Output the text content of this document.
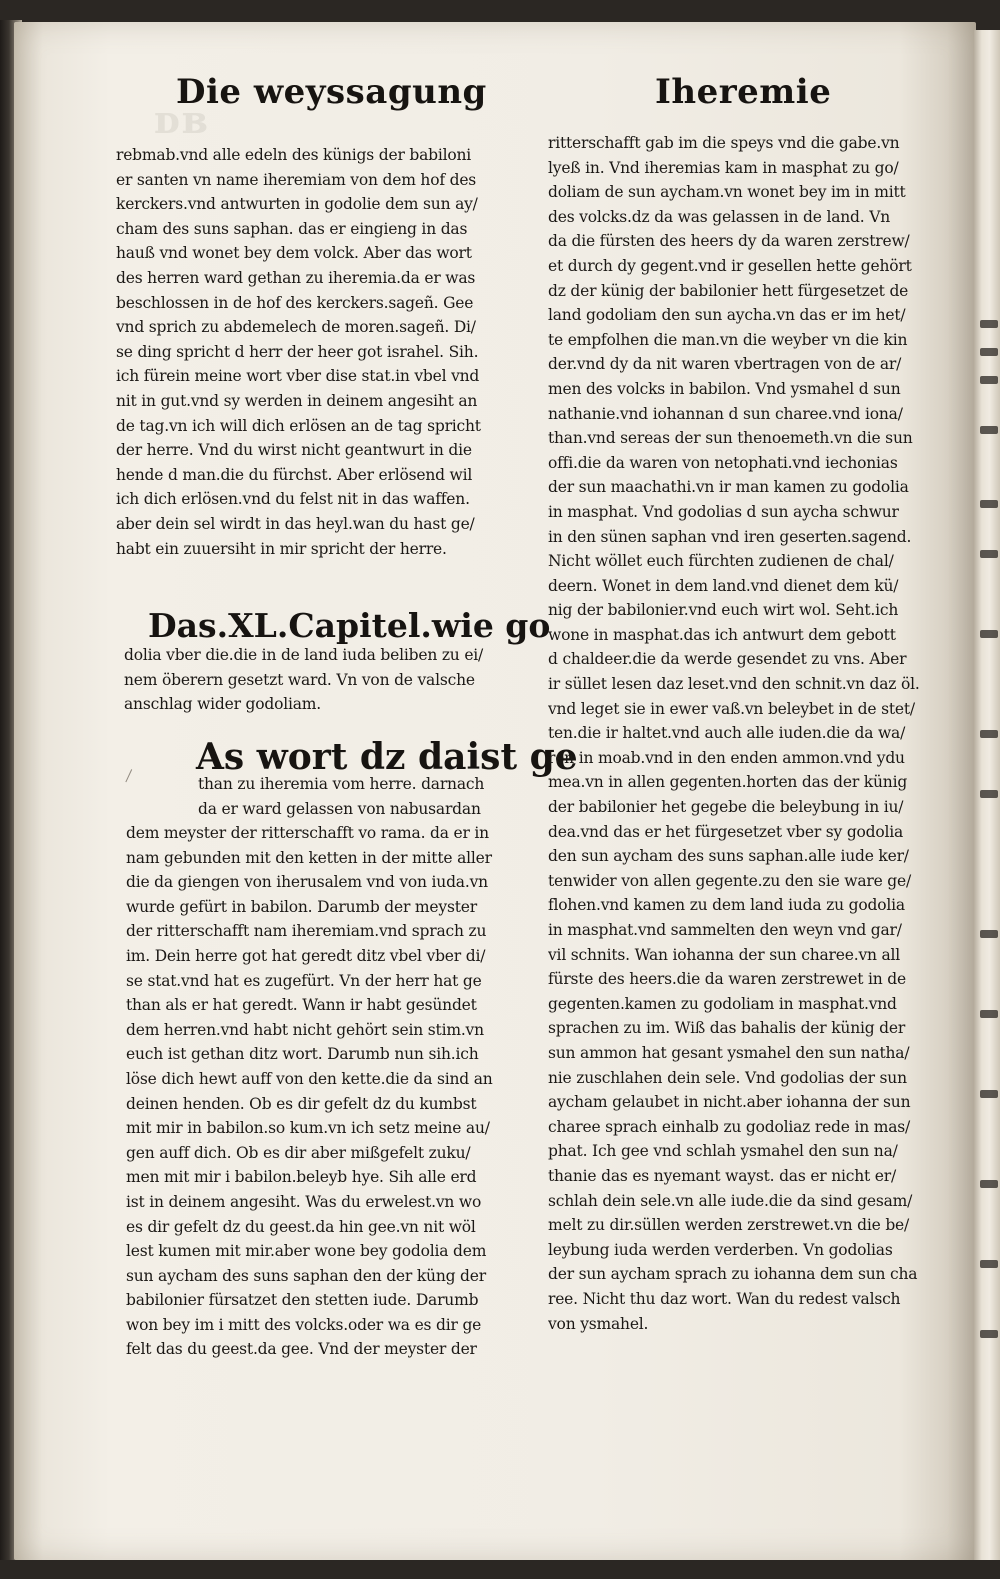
ᴅʙ
Die weyssagung	Iheremie
rebmab.vnd alle edeln des künigs der babiloni
er santen vn name iheremiam von dem hof des
kerckers.vnd antwurten in godolie dem sun ay/
cham des suns saphan. das er eingieng in das
hauß vnd wonet bey dem volck. Aber das wort
des herren ward gethan zu iheremia.da er was
beschlossen in de hof des kerckers.sageñ. Gee
vnd sprich zu abdemelech de moren.sageñ. Di/
se ding spricht d herr der heer got israhel. Sih.
ich fürein meine wort vber dise stat.in vbel vnd
nit in gut.vnd sy werden in deinem angesiht an
de tag.vn ich will dich erlösen an de tag spricht
der herre. Vnd du wirst nicht geantwurt in die
hende d man.die du fürchst. Aber erlösend wil
ich dich erlösen.vnd du felst nit in das waffen.
aber dein sel wirdt in das heyl.wan du hast ge/
habt ein zuuersiht in mir spricht der herre.
Das.XL.Capitel.wie go
dolia vber die.die in de land iuda beliben zu ei/
nem öberern gesetzt ward. Vn von de valsche
anschlag wider godoliam.
As wort dz daist ge
than zu iheremia vom herre. darnach
da er ward gelassen von nabusardan
dem meyster der ritterschafft vo rama. da er in
nam gebunden mit den ketten in der mitte aller
die da giengen von iherusalem vnd von iuda.vn
wurde gefürt in babilon. Darumb der meyster
der ritterschafft nam iheremiam.vnd sprach zu
im. Dein herre got hat geredt ditz vbel vber di/
se stat.vnd hat es zugefürt. Vn der herr hat ge
than als er hat geredt. Wann ir habt gesündet
dem herren.vnd habt nicht gehört sein stim.vn
euch ist gethan ditz wort. Darumb nun sih.ich
löse dich hewt auff von den kette.die da sind an
deinen henden. Ob es dir gefelt dz du kumbst
mit mir in babilon.so kum.vn ich setz meine au/
gen auff dich. Ob es dir aber mißgefelt zuku/
men mit mir i babilon.beleyb hye. Sih alle erd
ist in deinem angesiht. Was du erwelest.vn wo
es dir gefelt dz du geest.da hin gee.vn nit wöl
lest kumen mit mir.aber wone bey godolia dem
sun aycham des suns saphan den der küng der
babilonier fürsatzet den stetten iude. Darumb
won bey im i mitt des volcks.oder wa es dir ge
felt das du geest.da gee. Vnd der meyster der
ritterschafft gab im die speys vnd die gabe.vn
lyeß in. Vnd iheremias kam in masphat zu go/
doliam de sun aycham.vn wonet bey im in mitt
des volcks.dz da was gelassen in de land. Vn
da die fürsten des heers dy da waren zerstrew/
et durch dy gegent.vnd ir gesellen hette gehört
dz der künig der babilonier hett fürgesetzet de
land godoliam den sun aycha.vn das er im het/
te empfolhen die man.vn die weyber vn die kin
der.vnd dy da nit waren vbertragen von de ar/
men des volcks in babilon. Vnd ysmahel d sun
nathanie.vnd iohannan d sun charee.vnd iona/
than.vnd sereas der sun thenoemeth.vn die sun
offi.die da waren von netophati.vnd iechonias
der sun maachathi.vn ir man kamen zu godolia
in masphat. Vnd godolias d sun aycha schwur
in den sünen saphan vnd iren geserten.sagend.
Nicht wöllet euch fürchten zudienen de chal/
deern. Wonet in dem land.vnd dienet dem kü/
nig der babilonier.vnd euch wirt wol. Seht.ich
wone in masphat.das ich antwurt dem gebott
d chaldeer.die da werde gesendet zu vns. Aber
ir süllet lesen daz leset.vnd den schnit.vn daz öl.
vnd leget sie in ewer vaß.vn beleybet in de stet/
ten.die ir haltet.vnd auch alle iuden.die da wa/
ren in moab.vnd in den enden ammon.vnd ydu
mea.vn in allen gegenten.horten das der künig
der babilonier het gegebe die beleybung in iu/
dea.vnd das er het fürgesetzet vber sy godolia
den sun aycham des suns saphan.alle iude ker/
tenwider von allen gegente.zu den sie ware ge/
flohen.vnd kamen zu dem land iuda zu godolia
in masphat.vnd sammelten den weyn vnd gar/
vil schnits. Wan iohanna der sun charee.vn all
fürste des heers.die da waren zerstrewet in de
gegenten.kamen zu godoliam in masphat.vnd
sprachen zu im. Wiß das bahalis der künig der
sun ammon hat gesant ysmahel den sun natha/
nie zuschlahen dein sele. Vnd godolias der sun
aycham gelaubet in nicht.aber iohanna der sun
charee sprach einhalb zu godoliaz rede in mas/
phat. Ich gee vnd schlah ysmahel den sun na/
thanie das es nyemant wayst. das er nicht er/
schlah dein sele.vn alle iude.die da sind gesam/
melt zu dir.süllen werden zerstrewet.vn die be/
leybung iuda werden verderben. Vn godolias
der sun aycham sprach zu iohanna dem sun cha
ree. Nicht thu daz wort. Wan du redest valsch
von ysmahel.
